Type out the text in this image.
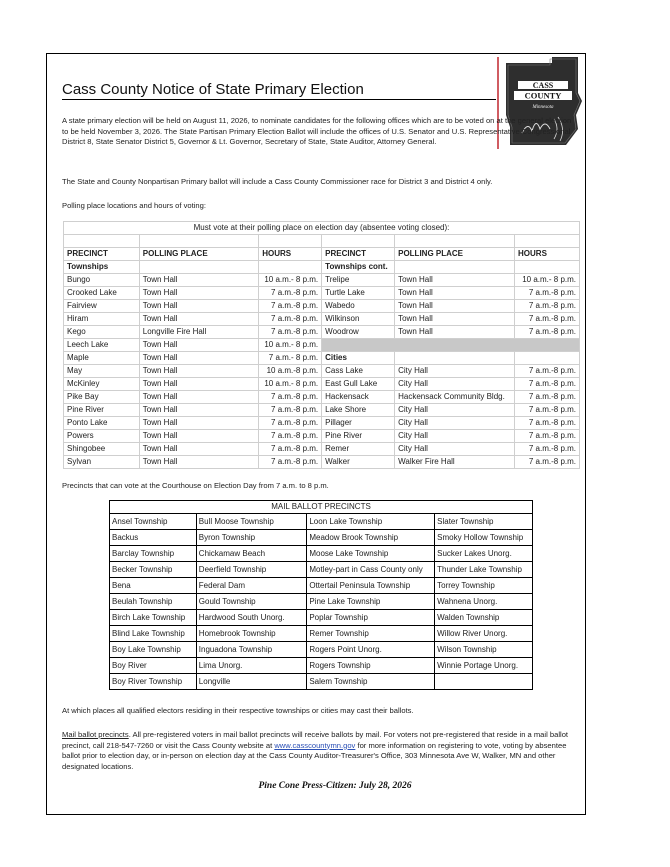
Cass County Notice of State Primary Election	CASS
COUNTY
Minnesota
A state primary election will be held on August 11, 2026, to nominate candidates for the following offices which are to be voted on at the general election to be held November 3, 2026. The State Partisan Primary Election Ballot will include the offices of U.S. Senator and U.S. Representative Congressional District 8, State Senator District 5, Governor & Lt. Governor, Secretary of State, State Auditor, Attorney General.
The State and County Nonpartisan Primary ballot will include a Cass County Commissioner race for District 3 and District 4 only.
Polling place locations and hours of voting:
Must vote at their polling place on election day (absentee voting closed):					

PRECINCT	POLLING PLACE	HOURS	PRECINCT	POLLING PLACE	HOURS
Townships			Townships cont.		
Bungo	Town Hall	10 a.m.- 8 p.m.	Trelipe	Town Hall	10 a.m.- 8 p.m.
Crooked Lake	Town Hall	7 a.m.-8 p.m.	Turtle Lake	Town Hall	7 a.m.-8 p.m.
Fairview	Town Hall	7 a.m.-8 p.m.	Wabedo	Town Hall	7 a.m.-8 p.m.
Hiram	Town Hall	7 a.m.-8 p.m.	Wilkinson	Town Hall	7 a.m.-8 p.m.
Kego	Longville Fire Hall	7 a.m.-8 p.m.	Woodrow	Town Hall	7 a.m.-8 p.m.
Leech Lake	Town Hall	10 a.m.- 8 p.m.			
Maple	Town Hall	7 a.m.- 8 p.m.	Cities		
May	Town Hall	10 a.m.-8 p.m.	Cass Lake	City Hall	7 a.m.-8 p.m.
McKinley	Town Hall	10 a.m.- 8 p.m.	East Gull Lake	City Hall	7 a.m.-8 p.m.
Pike Bay	Town Hall	7 a.m.-8 p.m.	Hackensack	Hackensack Community Bldg.	7 a.m.-8 p.m.
Pine River	Town Hall	7 a.m.-8 p.m.	Lake Shore	City Hall	7 a.m.-8 p.m.
Ponto Lake	Town Hall	7 a.m.-8 p.m.	Pillager	City Hall	7 a.m.-8 p.m.
Powers	Town Hall	7 a.m.-8 p.m.	Pine River	City Hall	7 a.m.-8 p.m.
Shingobee	Town Hall	7 a.m.-8 p.m.	Remer	City Hall	7 a.m.-8 p.m.
Sylvan	Town Hall	7 a.m.-8 p.m.	Walker	Walker Fire Hall	7 a.m.-8 p.m.
Precincts that can vote at the Courthouse on Election Day from 7 a.m. to 8 p.m.
MAIL BALLOT PRECINCTS			
Ansel Township	Bull Moose Township	Loon Lake Township	Slater Township
Backus	Byron Township	Meadow Brook Township	Smoky Hollow Township
Barclay Township	Chickamaw Beach	Moose Lake Township	Sucker Lakes Unorg.
Becker Township	Deerfield Township	Motley-part in Cass County only	Thunder Lake Township
Bena	Federal Dam	Ottertail Peninsula Township	Torrey Township
Beulah Township	Gould Township	Pine Lake Township	Wahnena Unorg.
Birch Lake Township	Hardwood South Unorg.	Poplar Township	Walden Township
Blind Lake Township	Homebrook Township	Remer Township	Willow River Unorg.
Boy Lake Township	Inguadona Township	Rogers Point Unorg.	Wilson Township
Boy River	Lima Unorg.	Rogers Township	Winnie Portage Unorg.
Boy River Township	Longville	Salem Township	
At which places all qualified electors residing in their respective townships or cities may cast their ballots.
Mail ballot precincts. All pre-registered voters in mail ballot precincts will receive ballots by mail. For voters not pre-registered that reside in a mail ballot precinct, call 218-547-7260 or visit the Cass County website at www.casscountymn.gov for more information on registering to vote, voting by absentee ballot prior to election day, or in-person on election day at the Cass County Auditor-Treasurer's Office, 303 Minnesota Ave W, Walker, MN and other designated locations.
Pine Cone Press-Citizen: July 28, 2026
